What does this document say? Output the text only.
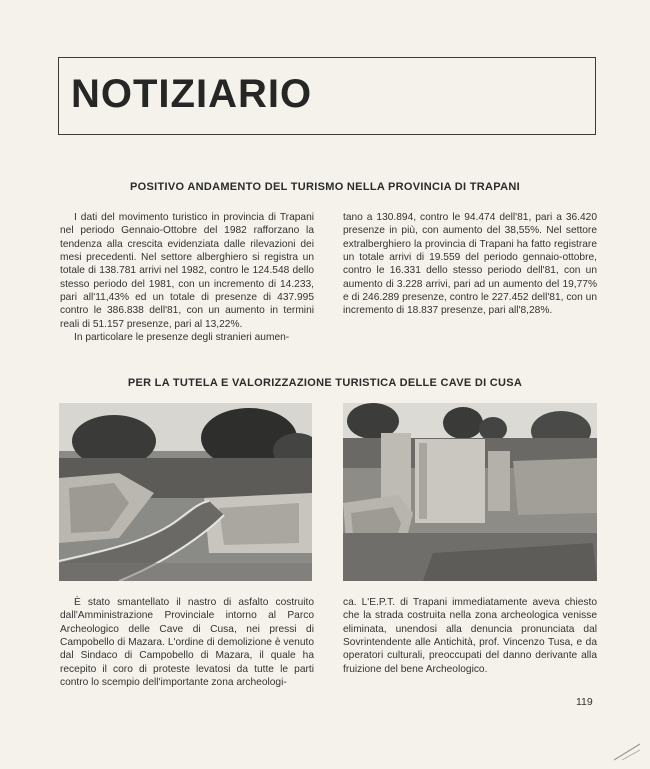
NOTIZIARIO
POSITIVO ANDAMENTO DEL TURISMO NELLA PROVINCIA DI TRAPANI

I dati del movimento turistico in provincia di Trapani nel periodo Gennaio-Ottobre del 1982 rafforzano la tendenza alla crescita evidenziata dalle rilevazioni dei mesi precedenti. Nel settore alberghiero si registra un totale di 138.781 arrivi nel 1982, contro le 124.548 dello stesso periodo del 1981, con un incremento di 14.233, pari all'11,43% ed un totale di presenze di 437.995 contro le 386.838 dell'81, con un aumento in termini reali di 51.157 presenze, pari al 13,22%.

In particolare le presenze degli stranieri aumen-

tano a 130.894, contro le 94.474 dell'81, pari a 36.420 presenze in più, con aumento del 38,55%. Nel settore extralberghiero la provincia di Trapani ha fatto registrare un totale arrivi di 19.559 del periodo gennaio-ottobre, contro le 16.331 dello stesso periodo dell'81, con un aumento di 3.228 arrivi, pari ad un aumento del 19,77% e di 246.289 presenze, contro le 227.452 dell'81, con un incremento di 18.837 presenze, pari all'8,28%.

PER LA TUTELA E VALORIZZAZIONE TURISTICA DELLE CAVE DI CUSA

È stato smantellato il nastro di asfalto costruito dall'Amministrazione Provinciale intorno al Parco Archeologico delle Cave di Cusa, nei pressi di Campobello di Mazara. L'ordine di demolizione è venuto dal Sindaco di Campobello di Mazara, il quale ha recepito il coro di proteste levatosi da tutte le parti contro lo scempio dell'importante zona archeologi-

ca. L'E.P.T. di Trapani immediatamente aveva chiesto che la strada costruita nella zona archeologica venisse eliminata, unendosi alla denuncia pronunciata dal Sovrintendente alle Antichità, prof. Vincenzo Tusa, e da operatori culturali, preoccupati del danno derivante alla fruizione del bene Archeologico.

119
